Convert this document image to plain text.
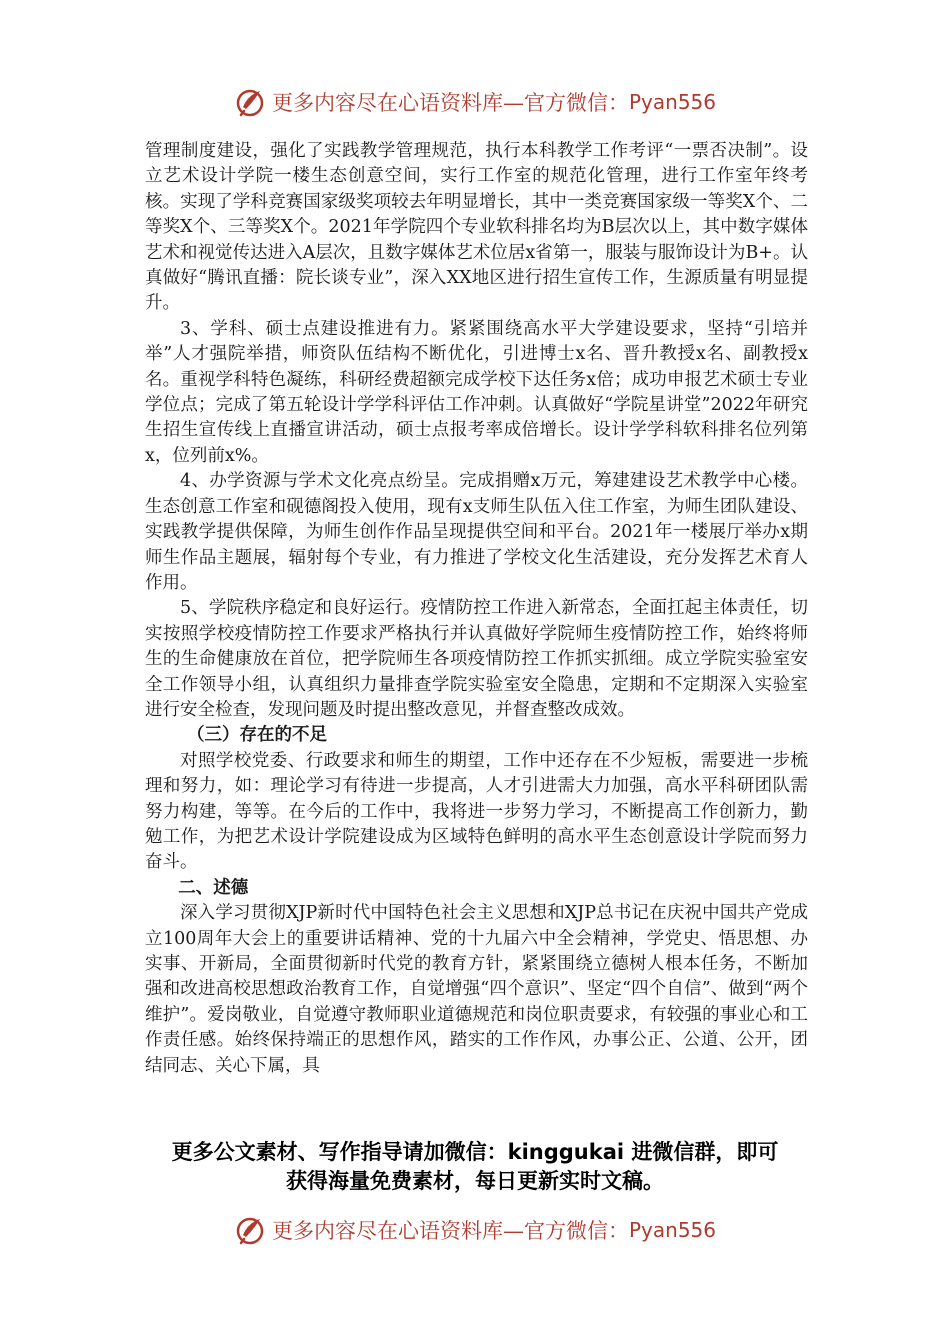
更多内容尽在心语资料库—官方微信： Pyan556

管理制度建设，强化了实践教学管理规范，执行本科教学工作考评“一票否决制”。设立艺术设计学院一楼生态创意空间，实行工作室的规范化管理，进行工作室年终考核。实现了学科竞赛国家级奖项较去年明显增长，其中一类竞赛国家级一等奖X个、二等奖X个、三等奖X个。2021年学院四个专业软科排名均为B层次以上，其中数字媒体艺术和视觉传达进入A层次，且数字媒体艺术位居x省第一，服装与服饰设计为B+。认真做好“腾讯直播：院长谈专业”，深入XX地区进行招生宣传工作，生源质量有明显提升。

3、学科、硕士点建设推进有力。紧紧围绕高水平大学建设要求，坚持“引培并举”人才强院举措，师资队伍结构不断优化，引进博士x名、晋升教授x名、副教授x名。重视学科特色凝练，科研经费超额完成学校下达任务x倍；成功申报艺术硕士专业学位点；完成了第五轮设计学学科评估工作冲刺。认真做好“学院星讲堂”2022年研究生招生宣传线上直播宣讲活动，硕士点报考率成倍增长。设计学学科软科排名位列第x，位列前x%。

4、办学资源与学术文化亮点纷呈。完成捐赠x万元，筹建建设艺术教学中心楼。生态创意工作室和砚德阁投入使用，现有x支师生队伍入住工作室，为师生团队建设、实践教学提供保障，为师生创作作品呈现提供空间和平台。2021年一楼展厅举办x期师生作品主题展，辐射每个专业，有力推进了学校文化生活建设，充分发挥艺术育人作用。

5、学院秩序稳定和良好运行。疫情防控工作进入新常态，全面扛起主体责任，切实按照学校疫情防控工作要求严格执行并认真做好学院师生疫情防控工作，始终将师生的生命健康放在首位，把学院师生各项疫情防控工作抓实抓细。成立学院实验室安全工作领导小组，认真组织力量排查学院实验室安全隐患，定期和不定期深入实验室进行安全检查，发现问题及时提出整改意见，并督查整改成效。

（三）存在的不足

对照学校党委、行政要求和师生的期望，工作中还存在不少短板，需要进一步梳理和努力，如：理论学习有待进一步提高，人才引进需大力加强，高水平科研团队需努力构建，等等。在今后的工作中，我将进一步努力学习，不断提高工作创新力，勤勉工作，为把艺术设计学院建设成为区域特色鲜明的高水平生态创意设计学院而努力奋斗。

二、述德

深入学习贯彻XJP新时代中国特色社会主义思想和XJP总书记在庆祝中国共产党成立100周年大会上的重要讲话精神、党的十九届六中全会精神，学党史、悟思想、办实事、开新局，全面贯彻新时代党的教育方针，紧紧围绕立德树人根本任务，不断加强和改进高校思想政治教育工作，自觉增强“四个意识”、坚定“四个自信”、做到“两个维护”。爱岗敬业，自觉遵守教师职业道德规范和岗位职责要求，有较强的事业心和工作责任感。始终保持端正的思想作风，踏实的工作作风，办事公正、公道、公开，团结同志、关心下属，具

更多公文素材、写作指导请加微信：kinggukai 进微信群，即可
获得海量免费素材，每日更新实时文稿。
更多内容尽在心语资料库—官方微信： Pyan556
